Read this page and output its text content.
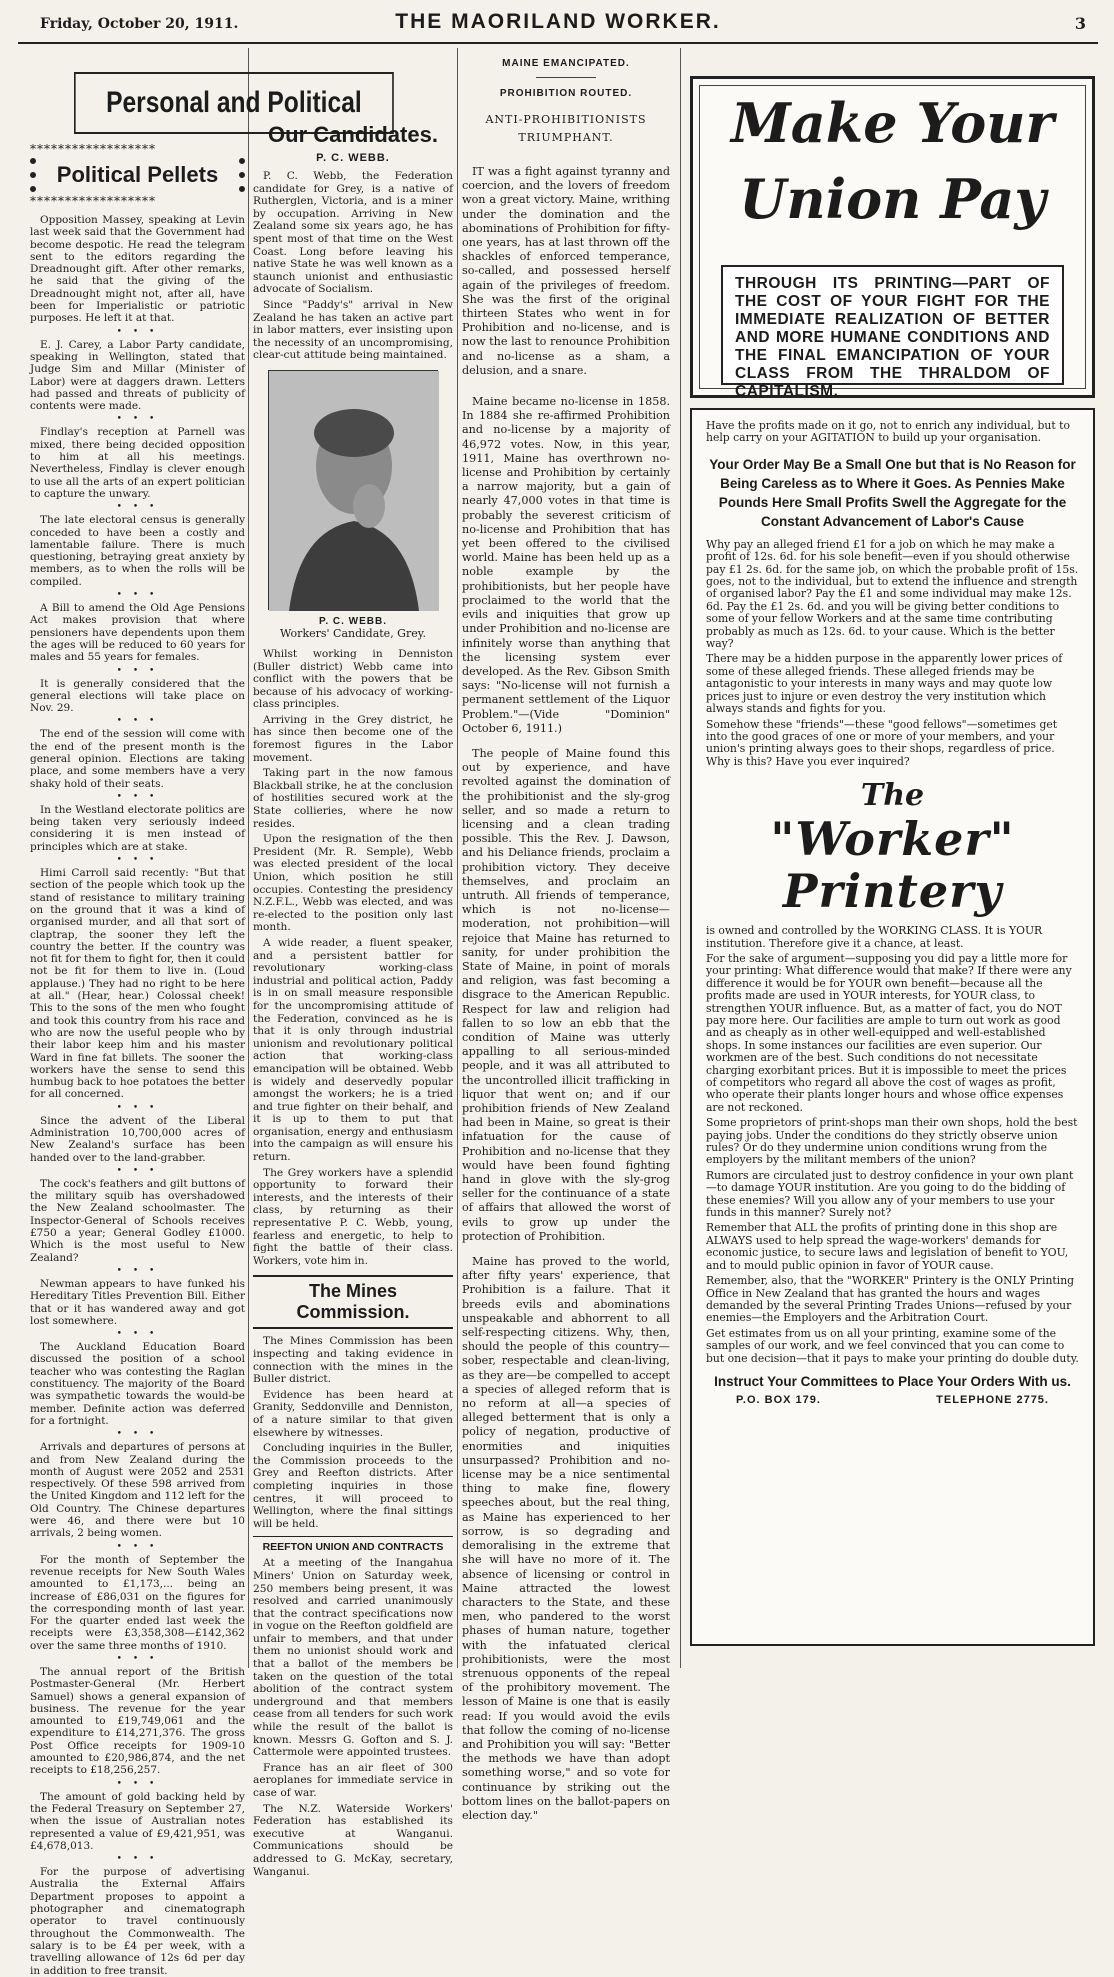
Friday, October 20, 1911.	THE MAORILAND WORKER.	3
Personal and Political
******************
Political Pellets
******************

Opposition Massey, speaking at Levin last week said that the Government had become despotic. He read the telegram sent to the editors regarding the Dreadnought gift. After other remarks, he said that the giving of the Dreadnought might not, after all, have been for Imperialistic or patriotic purposes. He left it at that.

• • •

E. J. Carey, a Labor Party candidate, speaking in Wellington, stated that Judge Sim and Millar (Minister of Labor) were at daggers drawn. Letters had passed and threats of publicity of contents were made.

• • •

Findlay's reception at Parnell was mixed, there being decided opposition to him at all his meetings. Nevertheless, Findlay is clever enough to use all the arts of an expert politician to capture the unwary.

• • •

The late electoral census is generally conceded to have been a costly and lamentable failure. There is much questioning, betraying great anxiety by members, as to when the rolls will be compiled.

• • •

A Bill to amend the Old Age Pensions Act makes provision that where pensioners have dependents upon them the ages will be reduced to 60 years for males and 55 years for females.

• • •

It is generally considered that the general elections will take place on Nov. 29.

• • •

The end of the session will come with the end of the present month is the general opinion. Elections are taking place, and some members have a very shaky hold of their seats.

• • •

In the Westland electorate politics are being taken very seriously indeed considering it is men instead of principles which are at stake.

• • •

Himi Carroll said recently: "But that section of the people which took up the stand of resistance to military training on the ground that it was a kind of organised murder, and all that sort of claptrap, the sooner they left the country the better. If the country was not fit for them to fight for, then it could not be fit for them to live in. (Loud applause.) They had no right to be here at all." (Hear, hear.) Colossal cheek! This to the sons of the men who fought and took this country from his race and who are now the useful people who by their labor keep him and his master Ward in fine fat billets. The sooner the workers have the sense to send this humbug back to hoe potatoes the better for all concerned.

• • •

Since the advent of the Liberal Administration 10,700,000 acres of New Zealand's surface has been handed over to the land-grabber.

• • •

The cock's feathers and gilt buttons of the military squib has overshadowed the New Zealand schoolmaster. The Inspector-General of Schools receives £750 a year; General Godley £1000. Which is the most useful to New Zealand?

• • •

Newman appears to have funked his Hereditary Titles Prevention Bill. Either that or it has wandered away and got lost somewhere.

• • •

The Auckland Education Board discussed the position of a school teacher who was contesting the Raglan constituency. The majority of the Board was sympathetic towards the would-be member. Definite action was deferred for a fortnight.

• • •

Arrivals and departures of persons at and from New Zealand during the month of August were 2052 and 2531 respectively. Of these 598 arrived from the United Kingdom and 112 left for the Old Country. The Chinese departures were 46, and there were but 10 arrivals, 2 being women.

• • •

For the month of September the revenue receipts for New South Wales amounted to £1,173,... being an increase of £86,031 on the figures for the corresponding month of last year. For the quarter ended last week the receipts were £3,358,308—£142,362 over the same three months of 1910.

• • •

The annual report of the British Postmaster-General (Mr. Herbert Samuel) shows a general expansion of business. The revenue for the year amounted to £19,749,061 and the expenditure to £14,271,376. The gross Post Office receipts for 1909-10 amounted to £20,986,874, and the net receipts to £18,256,257.

• • •

The amount of gold backing held by the Federal Treasury on September 27, when the issue of Australian notes represented a value of £9,421,951, was £4,678,013.

• • •

For the purpose of advertising Australia the External Affairs Department proposes to appoint a photographer and cinematograph operator to travel continuously throughout the Commonwealth. The salary is to be £4 per week, with a travelling allowance of 12s 6d per day in addition to free transit.

Our Candidates.
P. C. WEBB.

P. C. Webb, the Federation candidate for Grey, is a native of Rutherglen, Victoria, and is a miner by occupation. Arriving in New Zealand some six years ago, he has spent most of that time on the West Coast. Long before leaving his native State he was well known as a staunch unionist and enthusiastic advocate of Socialism.

Since "Paddy's" arrival in New Zealand he has taken an active part in labor matters, ever insisting upon the necessity of an uncompromising, clear-cut attitude being maintained.

P. C. WEBB.
Workers' Candidate, Grey.

Whilst working in Denniston (Buller district) Webb came into conflict with the powers that be because of his advocacy of working-class principles.

Arriving in the Grey district, he has since then become one of the foremost figures in the Labor movement.

Taking part in the now famous Blackball strike, he at the conclusion of hostilities secured work at the State collieries, where he now resides.

Upon the resignation of the then President (Mr. R. Semple), Webb was elected president of the local Union, which position he still occupies. Contesting the presidency N.Z.F.L., Webb was elected, and was re-elected to the position only last month.

A wide reader, a fluent speaker, and a persistent battler for revolutionary working-class industrial and political action, Paddy is in on small measure responsible for the uncompromising attitude of the Federation, convinced as he is that it is only through industrial unionism and revolutionary political action that working-class emancipation will be obtained. Webb is widely and deservedly popular amongst the workers; he is a tried and true fighter on their behalf, and it is up to them to put that organisation, energy and enthusiasm into the campaign as will ensure his return.

The Grey workers have a splendid opportunity to forward their interests, and the interests of their class, by returning as their representative P. C. Webb, young, fearless and energetic, to help to fight the battle of their class. Workers, vote him in.

The Mines Commission.

The Mines Commission has been inspecting and taking evidence in connection with the mines in the Buller district.

Evidence has been heard at Granity, Seddonville and Denniston, of a nature similar to that given elsewhere by witnesses.

Concluding inquiries in the Buller, the Commission proceeds to the Grey and Reefton districts. After completing inquiries in those centres, it will proceed to Wellington, where the final sittings will be held.

REEFTON UNION AND CONTRACTS

At a meeting of the Inangahua Miners' Union on Saturday week, 250 members being present, it was resolved and carried unanimously that the contract specifications now in vogue on the Reefton goldfield are unfair to members, and that under them no unionist should work and that a ballot of the members be taken on the question of the total abolition of the contract system underground and that members cease from all tenders for such work while the result of the ballot is known. Messrs G. Gofton and S. J. Cattermole were appointed trustees.

France has an air fleet of 300 aeroplanes for immediate service in case of war.

The N.Z. Waterside Workers' Federation has established its executive at Wanganui. Communications should be addressed to G. McKay, secretary, Wanganui.

MAINE EMANCIPATED.
PROHIBITION ROUTED.
ANTI-PROHIBITIONISTS TRIUMPHANT.

IT was a fight against tyranny and coercion, and the lovers of freedom won a great victory. Maine, writhing under the domination and the abominations of Prohibition for fifty-one years, has at last thrown off the shackles of enforced temperance, so-called, and possessed herself again of the privileges of freedom. She was the first of the original thirteen States who went in for Prohibition and no-license, and is now the last to renounce Prohibition and no-license as a sham, a delusion, and a snare.

Maine became no-license in 1858. In 1884 she re-affirmed Prohibition and no-license by a majority of 46,972 votes. Now, in this year, 1911, Maine has overthrown no-license and Prohibition by certainly a narrow majority, but a gain of nearly 47,000 votes in that time is probably the severest criticism of no-license and Prohibition that has yet been offered to the civilised world. Maine has been held up as a noble example by the prohibitionists, but her people have proclaimed to the world that the evils and iniquities that grow up under Prohibition and no-license are infinitely worse than anything that the licensing system ever developed. As the Rev. Gibson Smith says: "No-license will not furnish a permanent settlement of the Liquor Problem."—(Vide "Dominion" October 6, 1911.)

The people of Maine found this out by experience, and have revolted against the domination of the prohibitionist and the sly-grog seller, and so made a return to licensing and a clean trading possible. This the Rev. J. Dawson, and his Deliance friends, proclaim a prohibition victory. They deceive themselves, and proclaim an untruth. All friends of temperance, which is not no-license—moderation, not prohibition—will rejoice that Maine has returned to sanity, for under prohibition the State of Maine, in point of morals and religion, was fast becoming a disgrace to the American Republic. Respect for law and religion had fallen to so low an ebb that the condition of Maine was utterly appalling to all serious-minded people, and it was all attributed to the uncontrolled illicit trafficking in liquor that went on; and if our prohibition friends of New Zealand had been in Maine, so great is their infatuation for the cause of Prohibition and no-license that they would have been found fighting hand in glove with the sly-grog seller for the continuance of a state of affairs that allowed the worst of evils to grow up under the protection of Prohibition.

Maine has proved to the world, after fifty years' experience, that Prohibition is a failure. That it breeds evils and abominations unspeakable and abhorrent to all self-respecting citizens. Why, then, should the people of this country—sober, respectable and clean-living, as they are—be compelled to accept a species of alleged reform that is no reform at all—a species of alleged betterment that is only a policy of negation, productive of enormities and iniquities unsurpassed? Prohibition and no-license may be a nice sentimental thing to make fine, flowery speeches about, but the real thing, as Maine has experienced to her sorrow, is so degrading and demoralising in the extreme that she will have no more of it. The absence of licensing or control in Maine attracted the lowest characters to the State, and these men, who pandered to the worst phases of human nature, together with the infatuated clerical prohibitionists, were the most strenuous opponents of the repeal of the prohibitory movement. The lesson of Maine is one that is easily read: If you would avoid the evils that follow the coming of no-license and Prohibition you will say: "Better the methods we have than adopt something worse," and so vote for continuance by striking out the bottom lines on the ballot-papers on election day."

Make Your
Union Pay
THROUGH ITS PRINTING—PART OF THE COST OF YOUR FIGHT FOR THE IMMEDIATE REALIZATION OF BETTER AND MORE HUMANE CONDITIONS AND THE FINAL EMANCIPATION OF YOUR CLASS FROM THE THRALDOM OF CAPITALISM.

Have the profits made on it go, not to enrich any individual, but to help carry on your AGITATION to build up your organisation.

Your Order May Be a Small One but that is No Reason for Being Careless as to Where it Goes. As Pennies Make Pounds Here Small Profits Swell the Aggregate for the Constant Advancement of Labor's Cause

Why pay an alleged friend £1 for a job on which he may make a profit of 12s. 6d. for his sole benefit—even if you should otherwise pay £1 2s. 6d. for the same job, on which the probable profit of 15s. goes, not to the individual, but to extend the influence and strength of organised labor? Pay the £1 and some individual may make 12s. 6d. Pay the £1 2s. 6d. and you will be giving better conditions to some of your fellow Workers and at the same time contributing probably as much as 12s. 6d. to your cause. Which is the better way?

There may be a hidden purpose in the apparently lower prices of some of these alleged friends. These alleged friends may be antagonistic to your interests in many ways and may quote low prices just to injure or even destroy the very institution which always stands and fights for you.

Somehow these "friends"—these "good fellows"—sometimes get into the good graces of one or more of your members, and your union's printing always goes to their shops, regardless of price. Why is this? Have you ever inquired?

The
"Worker" Printery

is owned and controlled by the WORKING CLASS. It is YOUR institution. Therefore give it a chance, at least.

For the sake of argument—supposing you did pay a little more for your printing: What difference would that make? If there were any difference it would be for YOUR own benefit—because all the profits made are used in YOUR interests, for YOUR class, to strengthen YOUR influence. But, as a matter of fact, you do NOT pay more here. Our facilities are ample to turn out work as good and as cheaply as in other well-equipped and well-established shops. In some instances our facilities are even superior. Our workmen are of the best. Such conditions do not necessitate charging exorbitant prices. But it is impossible to meet the prices of competitors who regard all above the cost of wages as profit, who operate their plants longer hours and whose office expenses are not reckoned.

Some proprietors of print-shops man their own shops, hold the best paying jobs. Under the conditions do they strictly observe union rules? Or do they undermine union conditions wrung from the employers by the militant members of the union?

Rumors are circulated just to destroy confidence in your own plant—to damage YOUR institution. Are you going to do the bidding of these enemies? Will you allow any of your members to use your funds in this manner? Surely not?

Remember that ALL the profits of printing done in this shop are ALWAYS used to help spread the wage-workers' demands for economic justice, to secure laws and legislation of benefit to YOU, and to mould public opinion in favor of YOUR cause.

Remember, also, that the "WORKER" Printery is the ONLY Printing Office in New Zealand that has granted the hours and wages demanded by the several Printing Trades Unions—refused by your enemies—the Employers and the Arbitration Court.

Get estimates from us on all your printing, examine some of the samples of our work, and we feel convinced that you can come to but one decision—that it pays to make your printing do double duty.

Instruct Your Committees to Place Your Orders With us.
P.O. BOX 179.	TELEPHONE 2775.
